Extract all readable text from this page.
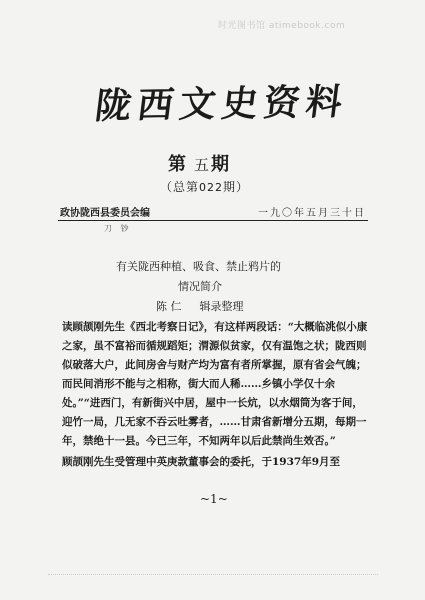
时光图书馆 atimebook.com
陇西文史资料
第五期
（总第022期）
政协陇西县委员会编	一九〇年五月三十日
刀 钞
有关陇西种植、吸食、禁止鸦片的
情况简介
陈 仁 辑录整理

读顾颉刚先生《西北考察日记》，有这样两段话：“大概临洮似小康之家，虽不富裕而循规蹈矩；渭源似贫家，仅有温饱之状；陇西则似破落大户，此间房舍与财产均为富有者所掌握，原有省会气魄；而民间消形不能与之相称，街大而人稀……乡镇小学仅十余处。”“进西门，有新街兴中居，屋中一长炕，以水烟筒为客于间，迎竹一局，几无家不吞云吐雾者，……甘肃省新增分五期，每期一年，禁绝十一县。今已三年，不知两年以后此禁尚生效否。”

顾颉刚先生受管理中英庚款董事会的委托，于1937年9月至

~1~
